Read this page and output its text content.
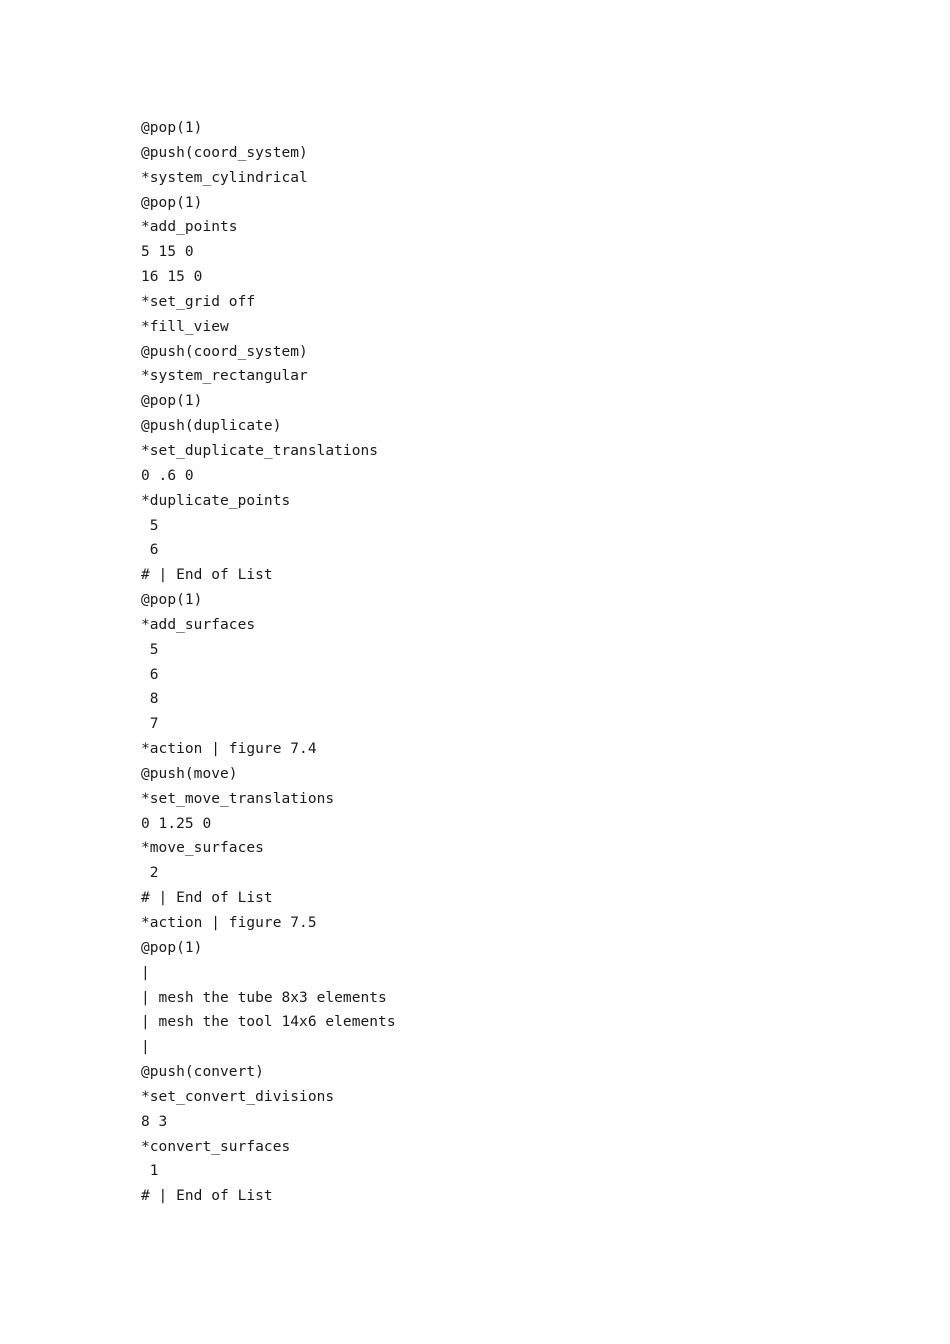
@pop(1)
@push(coord_system)
*system_cylindrical
@pop(1)
*add_points
5 15 0
16 15 0
*set_grid off
*fill_view
@push(coord_system)
*system_rectangular
@pop(1)
@push(duplicate)
*set_duplicate_translations
0 .6 0
*duplicate_points
5
6
# | End of List
@pop(1)
*add_surfaces
5
6
8
7
*action | figure 7.4
@push(move)
*set_move_translations
0 1.25 0
*move_surfaces
2
# | End of List
*action | figure 7.5
@pop(1)
|
| mesh the tube 8x3 elements
| mesh the tool 14x6 elements
|
@push(convert)
*set_convert_divisions
8 3
*convert_surfaces
1
# | End of List
